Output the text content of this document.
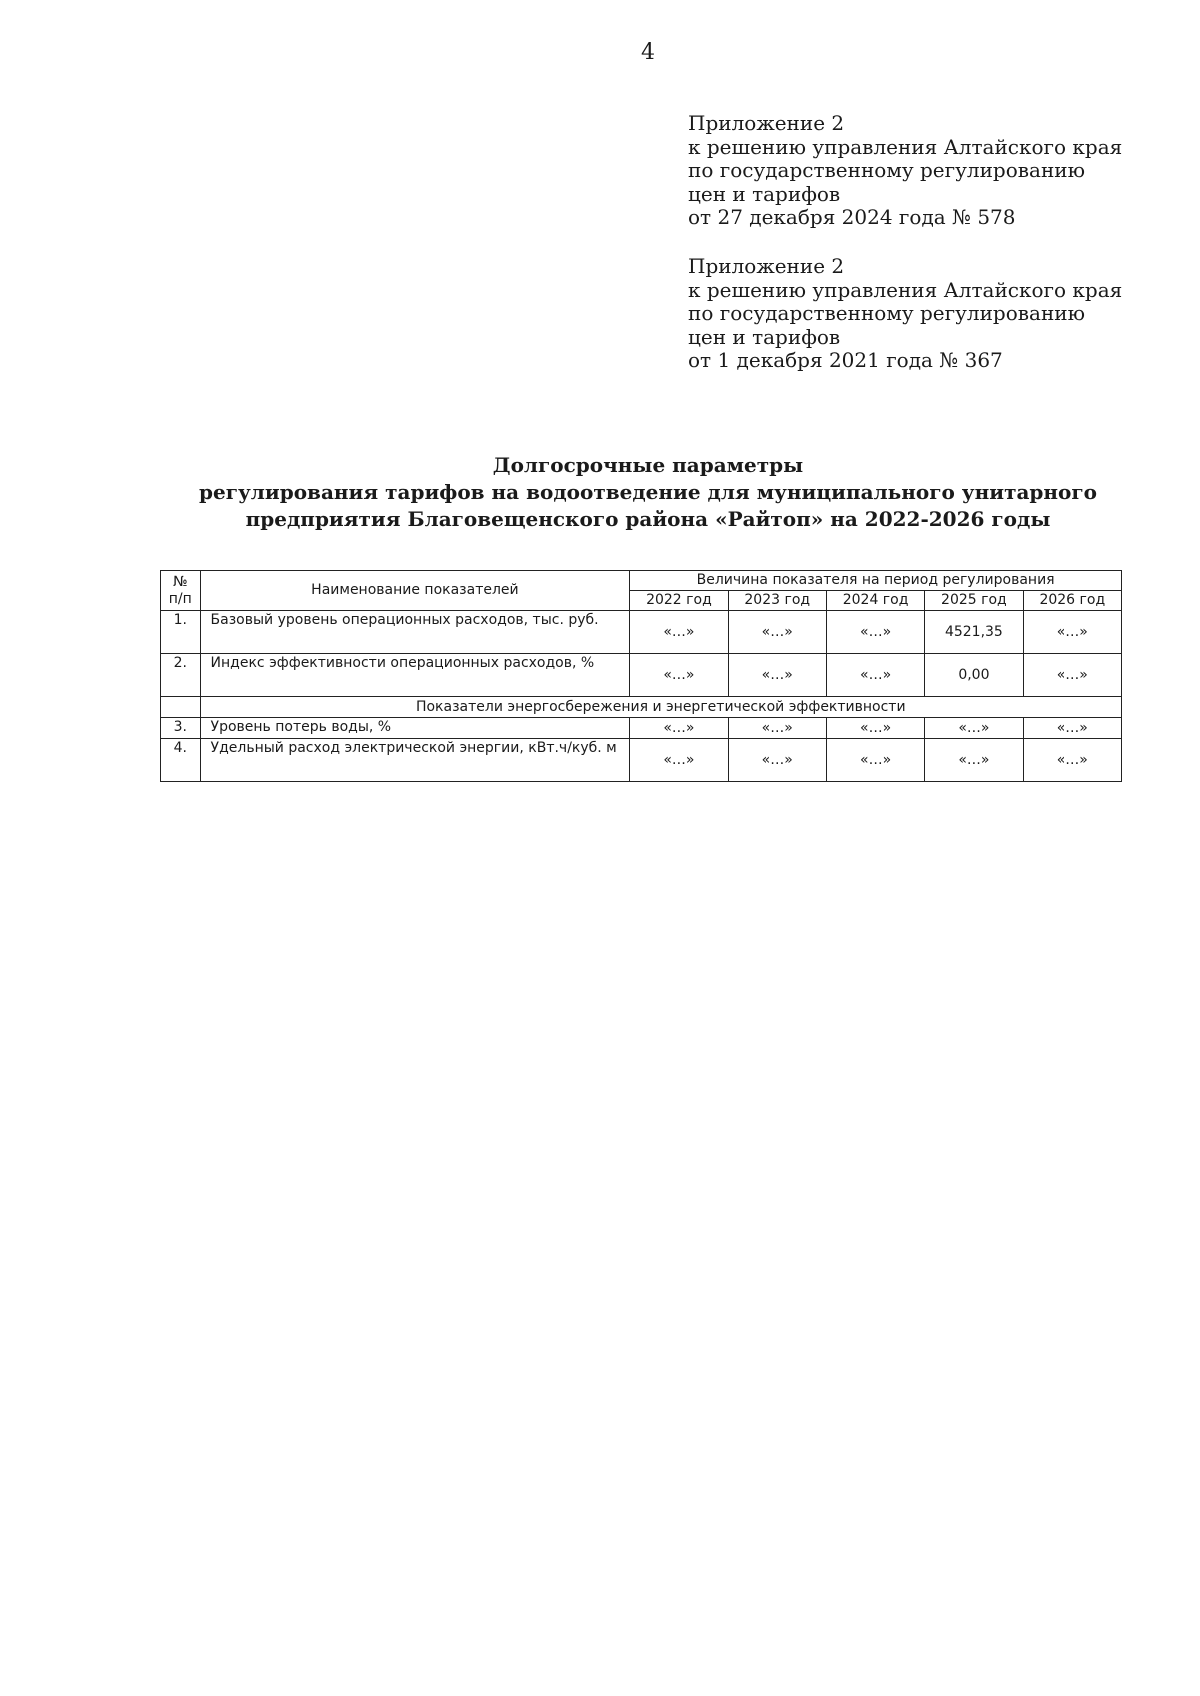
4
Приложение 2
к решению управления Алтайского края
по государственному регулированию
цен и тарифов
от 27 декабря 2024 года № 578
Приложение 2
к решению управления Алтайского края
по государственному регулированию
цен и тарифов
от 1 декабря 2021 года № 367
Долгосрочные параметры
регулирования тарифов на водоотведение для муниципального унитарного
предприятия Благовещенского района «Райтоп» на 2022-2026 годы
№ п/п	Наименование показателей	Величина показателя на период регулирования				
		2022 год	2023 год	2024 год	2025 год	2026 год
1.	Базовый уровень операционных расходов, тыс. руб.	«…»	«…»	«…»	4521,35	«…»
2.	Индекс эффективности операционных расходов, %	«…»	«…»	«…»	0,00	«…»
	Показатели энергосбережения и энергетической эффективности					
3.	Уровень потерь воды, %	«…»	«…»	«…»	«…»	«…»
4.	Удельный расход электрической энергии, кВт.ч/куб. м	«…»	«…»	«…»	«…»	«…»
